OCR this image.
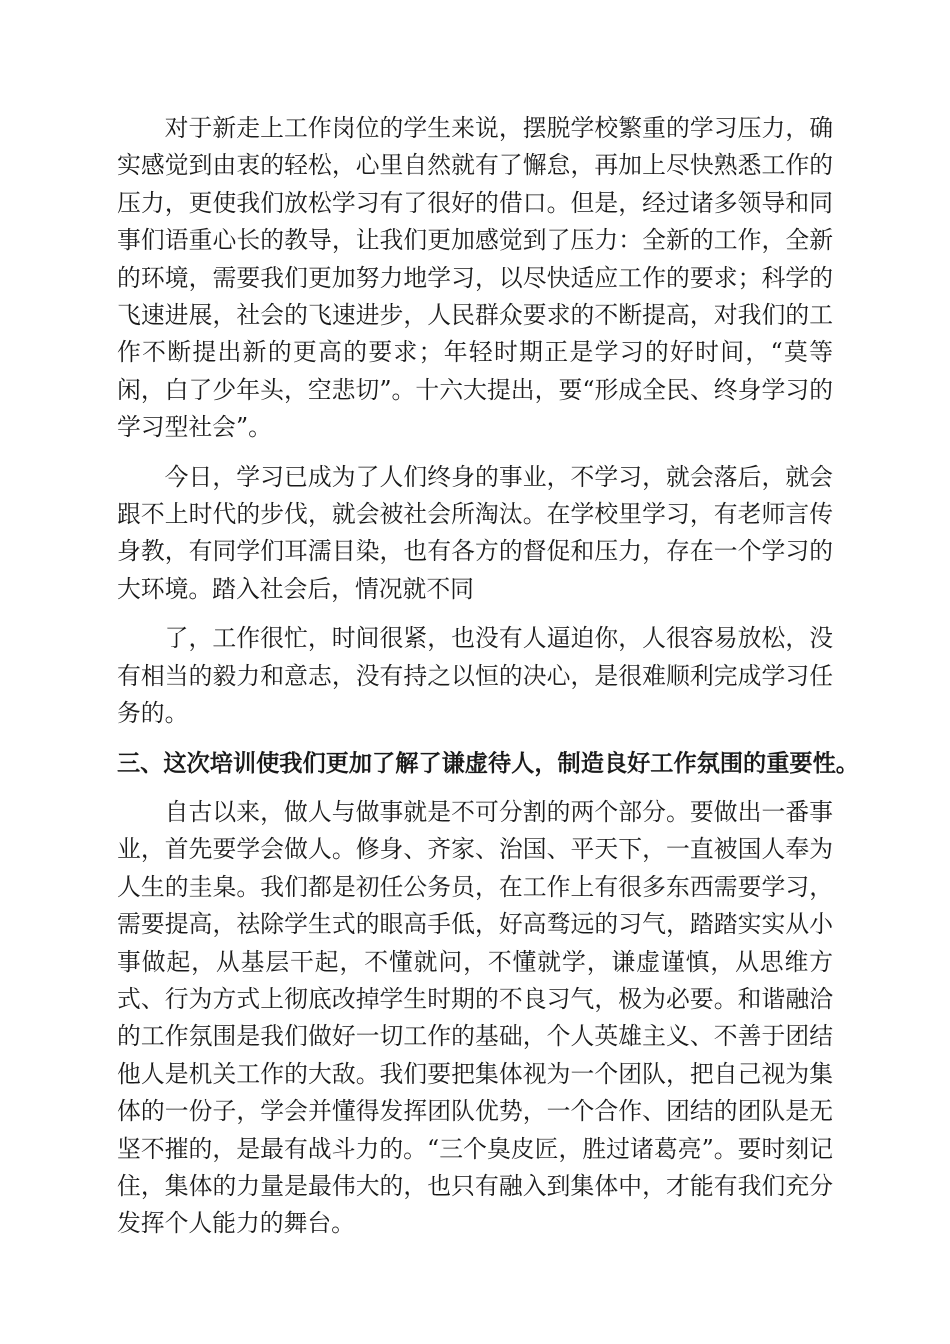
对于新走上工作岗位的学生来说，摆脱学校繁重的学习压力，确实感觉到由衷的轻松，心里自然就有了懈怠，再加上尽快熟悉工作的压力，更使我们放松学习有了很好的借口。但是，经过诸多领导和同事们语重心长的教导，让我们更加感觉到了压力：全新的工作，全新的环境，需要我们更加努力地学习，以尽快适应工作的要求；科学的飞速进展，社会的飞速进步，人民群众要求的不断提高，对我们的工作不断提出新的更高的要求；年轻时期正是学习的好时间，“莫等闲，白了少年头，空悲切”。十六大提出，要“形成全民、终身学习的学习型社会”。

今日，学习已成为了人们终身的事业，不学习，就会落后，就会跟不上时代的步伐，就会被社会所淘汰。在学校里学习，有老师言传身教，有同学们耳濡目染，也有各方的督促和压力，存在一个学习的大环境。踏入社会后，情况就不同

了，工作很忙，时间很紧，也没有人逼迫你，人很容易放松，没有相当的毅力和意志，没有持之以恒的决心，是很难顺利完成学习任务的。

三、这次培训使我们更加了解了谦虚待人，制造良好工作氛围的重要性。

自古以来，做人与做事就是不可分割的两个部分。要做出一番事业，首先要学会做人。修身、齐家、治国、平天下，一直被国人奉为人生的圭臬。我们都是初任公务员，在工作上有很多东西需要学习，需要提高，祛除学生式的眼高手低，好高骛远的习气，踏踏实实从小事做起，从基层干起，不懂就问，不懂就学，谦虚谨慎，从思维方式、行为方式上彻底改掉学生时期的不良习气，极为必要。和谐融洽的工作氛围是我们做好一切工作的基础，个人英雄主义、不善于团结他人是机关工作的大敌。我们要把集体视为一个团队，把自己视为集体的一份子，学会并懂得发挥团队优势，一个合作、团结的团队是无坚不摧的，是最有战斗力的。“三个臭皮匠，胜过诸葛亮”。要时刻记住，集体的力量是最伟大的，也只有融入到集体中，才能有我们充分发挥个人能力的舞台。
